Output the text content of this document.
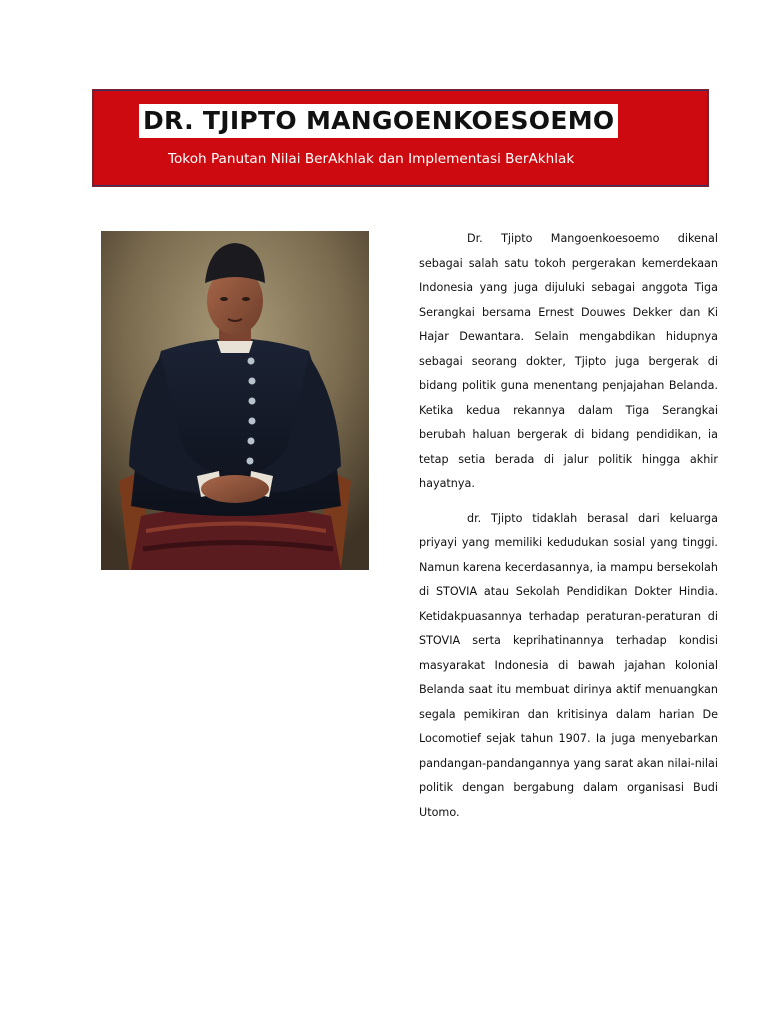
DR. TJIPTO MANGOENKOESOEMO
Tokoh Panutan Nilai BerAkhlak dan Implementasi BerAkhlak

Dr. Tjipto Mangoenkoesoemo dikenal sebagai salah satu tokoh pergerakan kemerdekaan Indonesia yang juga dijuluki sebagai anggota Tiga Serangkai bersama Ernest Douwes Dekker dan Ki Hajar Dewantara. Selain mengabdikan hidupnya sebagai seorang dokter, Tjipto juga bergerak di bidang politik guna menentang penjajahan Belanda. Ketika kedua rekannya dalam Tiga Serangkai berubah haluan bergerak di bidang pendidikan, ia tetap setia berada di jalur politik hingga akhir hayatnya.

dr. Tjipto tidaklah berasal dari keluarga priyayi yang memiliki kedudukan sosial yang tinggi. Namun karena kecerdasannya, ia mampu bersekolah di STOVIA atau Sekolah Pendidikan Dokter Hindia. Ketidakpuasannya terhadap peraturan-peraturan di STOVIA serta keprihatinannya terhadap kondisi masyarakat Indonesia di bawah jajahan kolonial Belanda saat itu membuat dirinya aktif menuangkan segala pemikiran dan kritisinya dalam harian De Locomotief sejak tahun 1907. Ia juga menyebarkan pandangan-pandangannya yang sarat akan nilai-nilai politik dengan bergabung dalam organisasi Budi Utomo.
